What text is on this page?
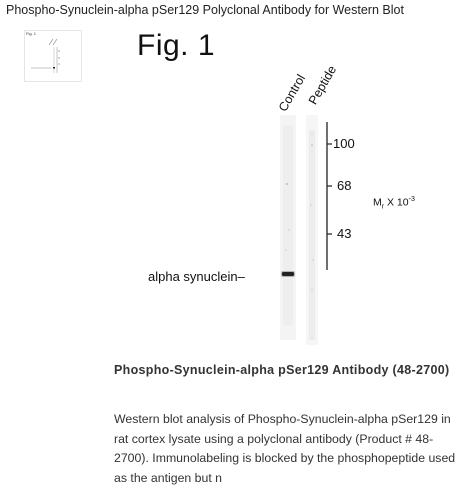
Phospho-Synuclein-alpha pSer129 Polyclonal Antibody for Western Blot
Fig. 1	Fig. 1
Control
Peptide
100
68
43
$M_r$ X $10^{-3}$
alpha synuclein–
Phospho-Synuclein-alpha pSer129 Antibody (48-2700)
Western blot analysis of Phospho-Synuclein-alpha pSer129 in rat cortex lysate using a polyclonal antibody (Product # 48-2700). Immunolabeling is blocked by the phosphopeptide used as the antigen but n
